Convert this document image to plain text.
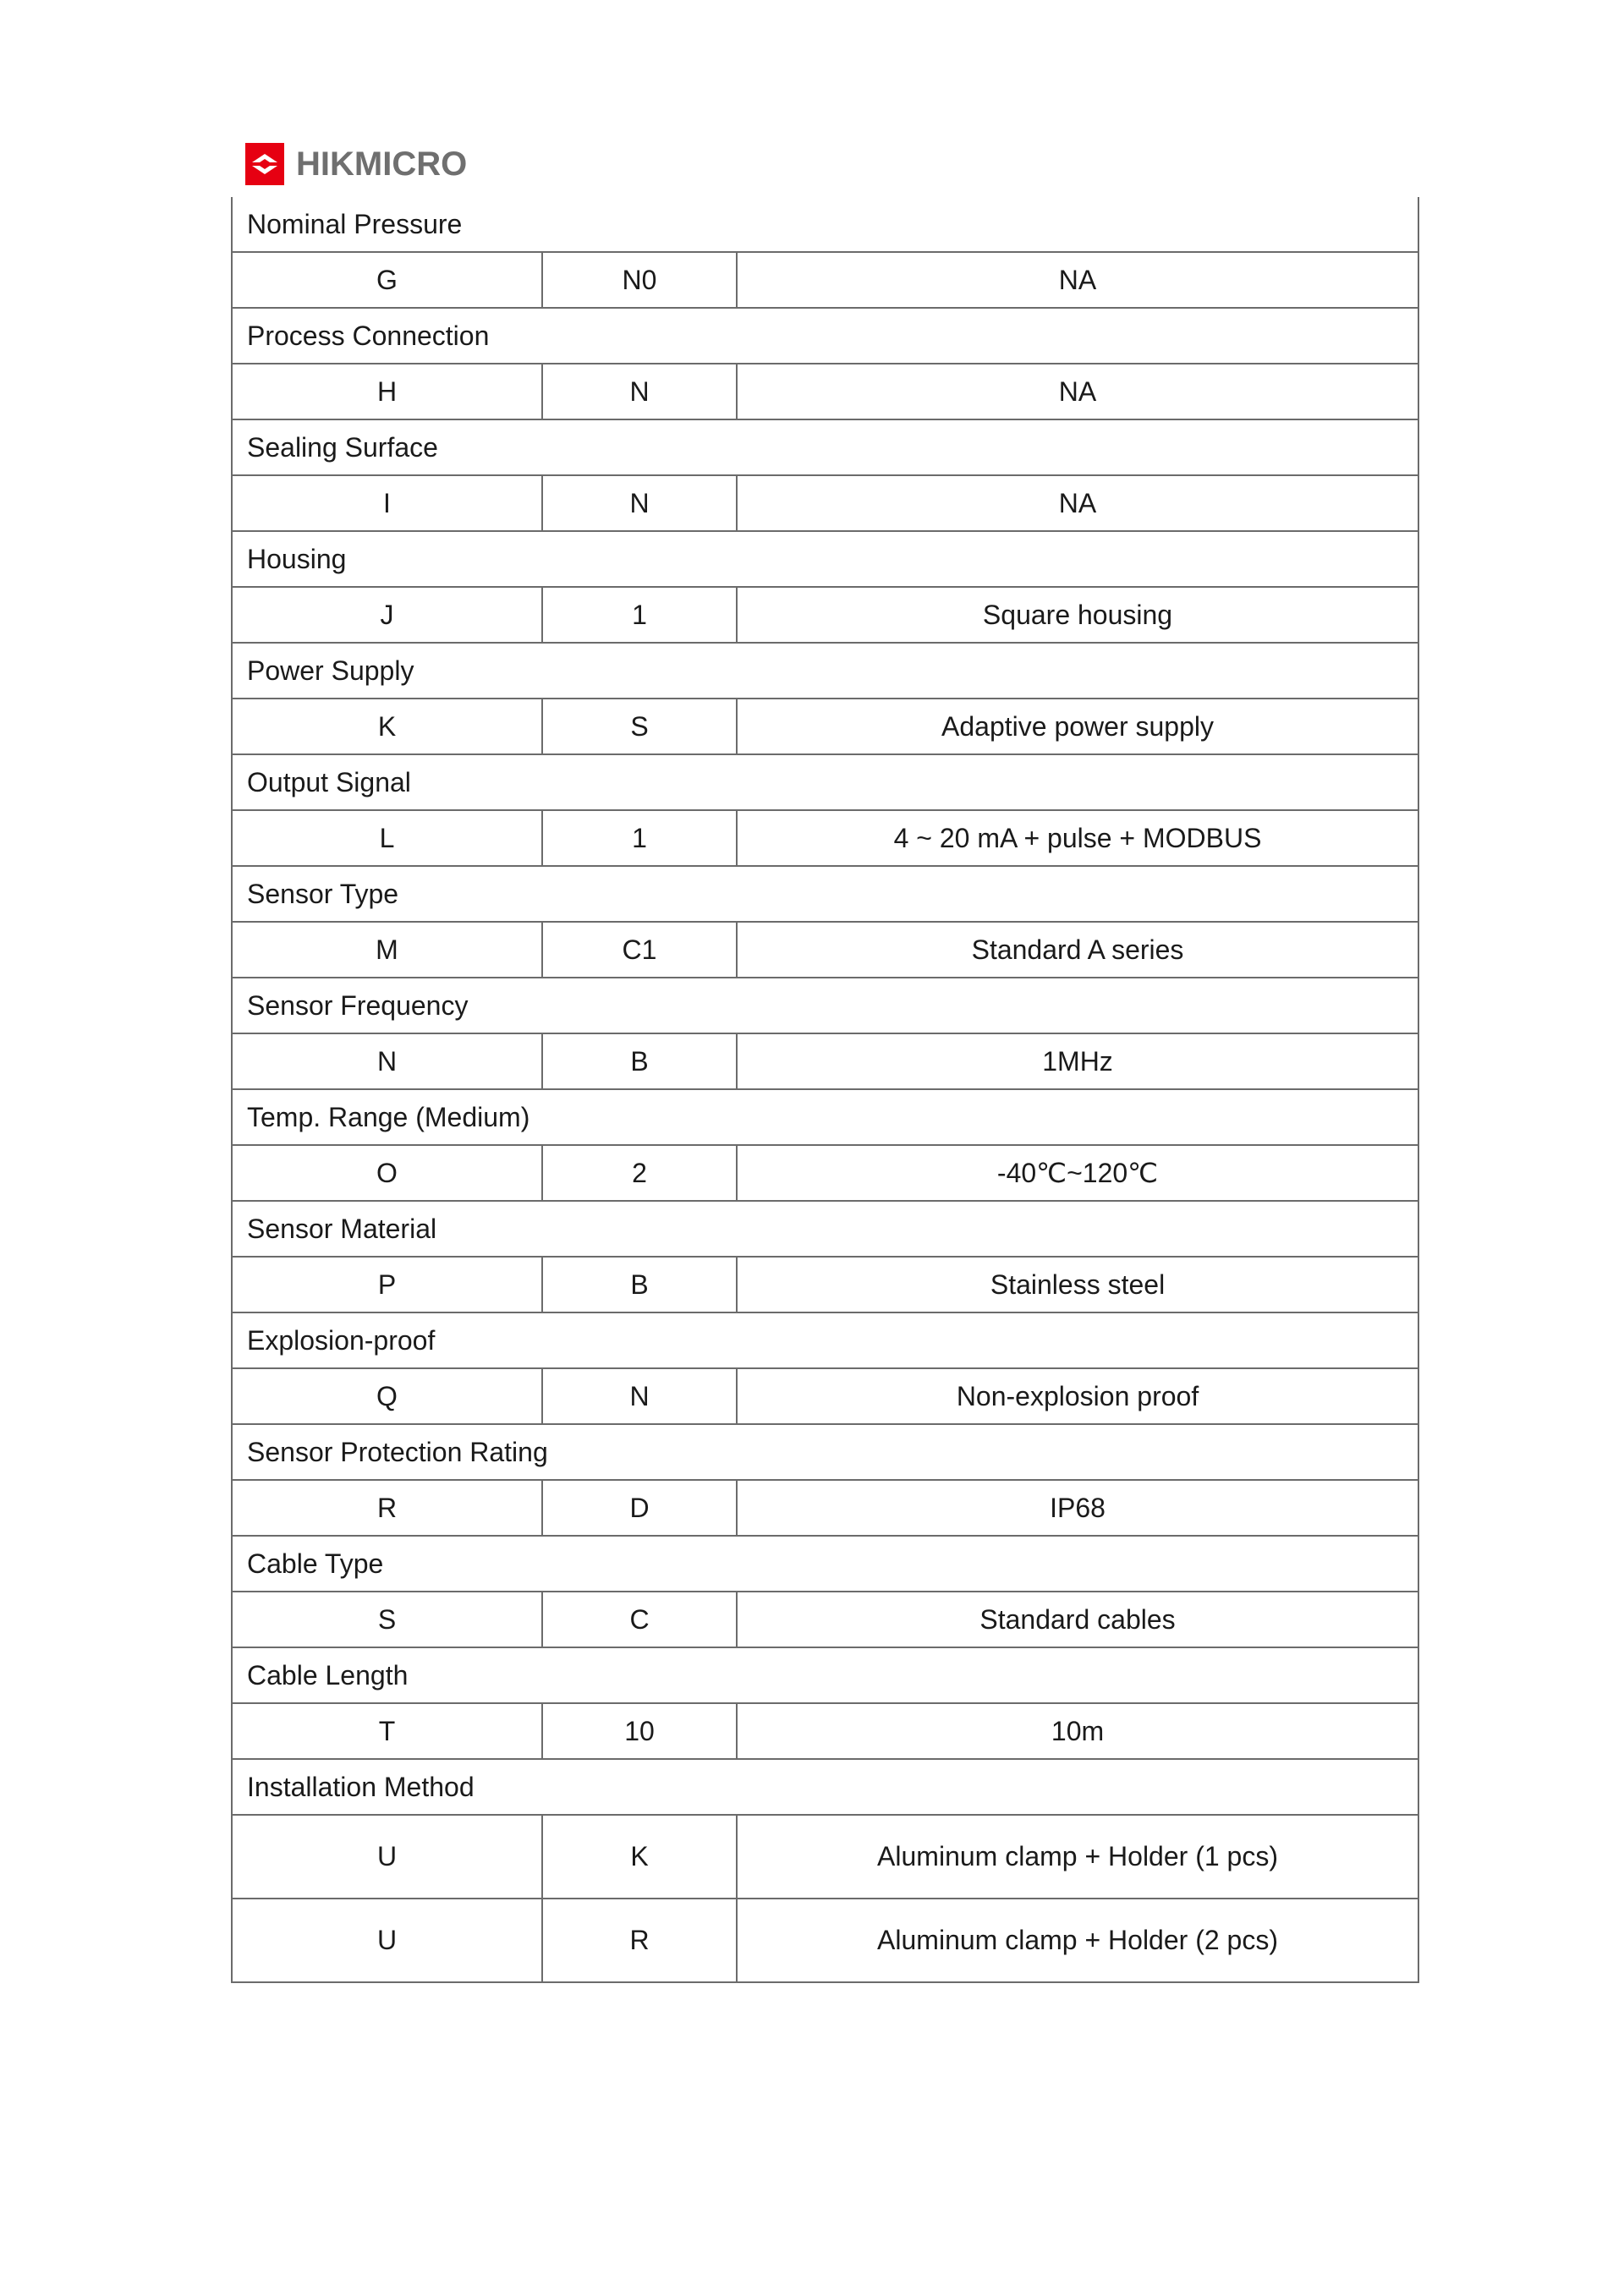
HIKMICRO
Nominal Pressure		
G	N0	NA
Process Connection		
H	N	NA
Sealing Surface		
I	N	NA
Housing		
J	1	Square housing
Power Supply		
K	S	Adaptive power supply
Output Signal		
L	1	4 ~ 20 mA + pulse + MODBUS
Sensor Type		
M	C1	Standard A series
Sensor Frequency		
N	B	1MHz
Temp. Range (Medium)		
O	2	-40℃~120℃
Sensor Material		
P	B	Stainless steel
Explosion-proof		
Q	N	Non-explosion proof
Sensor Protection Rating		
R	D	IP68
Cable Type		
S	C	Standard cables
Cable Length		
T	10	10m
Installation Method		
U	K	Aluminum clamp + Holder (1 pcs)
U	R	Aluminum clamp + Holder (2 pcs)
